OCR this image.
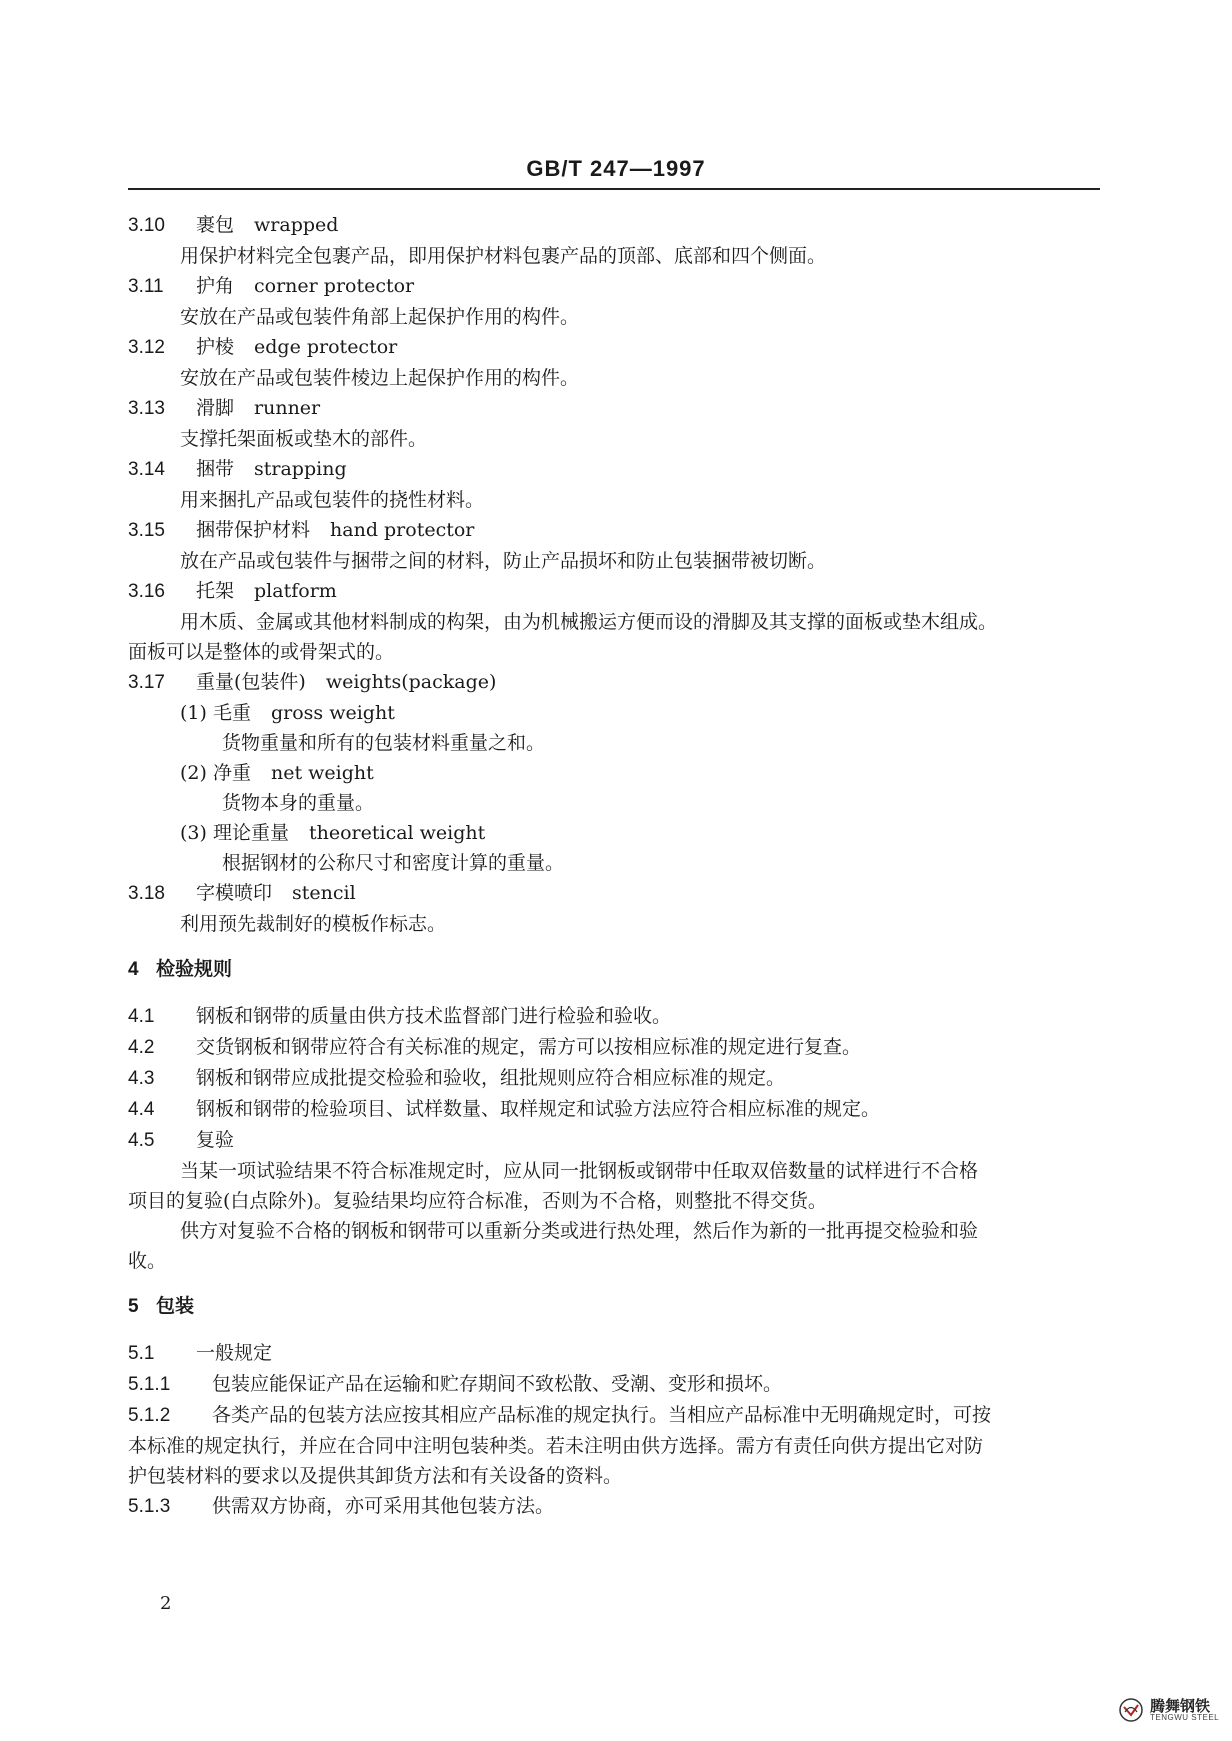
GB/T 247—1997

3.10 裹包 wrapped

用保护材料完全包裹产品，即用保护材料包裹产品的顶部、底部和四个侧面。

3.11 护角 corner protector

安放在产品或包装件角部上起保护作用的构件。

3.12 护棱 edge protector

安放在产品或包装件棱边上起保护作用的构件。

3.13 滑脚 runner

支撑托架面板或垫木的部件。

3.14 捆带 strapping

用来捆扎产品或包装件的挠性材料。

3.15 捆带保护材料 hand protector

放在产品或包装件与捆带之间的材料，防止产品损坏和防止包装捆带被切断。

3.16 托架 platform

用木质、金属或其他材料制成的构架，由为机械搬运方便而设的滑脚及其支撑的面板或垫木组成。

面板可以是整体的或骨架式的。

3.17 重量(包装件) weights(package)

(1) 毛重 gross weight

货物重量和所有的包装材料重量之和。

(2) 净重 net weight

货物本身的重量。

(3) 理论重量 theoretical weight

根据钢材的公称尺寸和密度计算的重量。

3.18 字模喷印 stencil

利用预先裁制好的模板作标志。

4 检验规则

4.1 钢板和钢带的质量由供方技术监督部门进行检验和验收。

4.2 交货钢板和钢带应符合有关标准的规定，需方可以按相应标准的规定进行复查。

4.3 钢板和钢带应成批提交检验和验收，组批规则应符合相应标准的规定。

4.4 钢板和钢带的检验项目、试样数量、取样规定和试验方法应符合相应标准的规定。

4.5 复验

当某一项试验结果不符合标准规定时，应从同一批钢板或钢带中任取双倍数量的试样进行不合格

项目的复验(白点除外)。复验结果均应符合标准，否则为不合格，则整批不得交货。

供方对复验不合格的钢板和钢带可以重新分类或进行热处理，然后作为新的一批再提交检验和验

收。

5 包装

5.1 一般规定

5.1.1 包装应能保证产品在运输和贮存期间不致松散、受潮、变形和损坏。

5.1.2 各类产品的包装方法应按其相应产品标准的规定执行。当相应产品标准中无明确规定时，可按

本标准的规定执行，并应在合同中注明包装种类。若未注明由供方选择。需方有责任向供方提出它对防

护包装材料的要求以及提供其卸货方法和有关设备的资料。

5.1.3 供需双方协商，亦可采用其他包装方法。

2
腾舞钢铁
TENGWU STEEL
